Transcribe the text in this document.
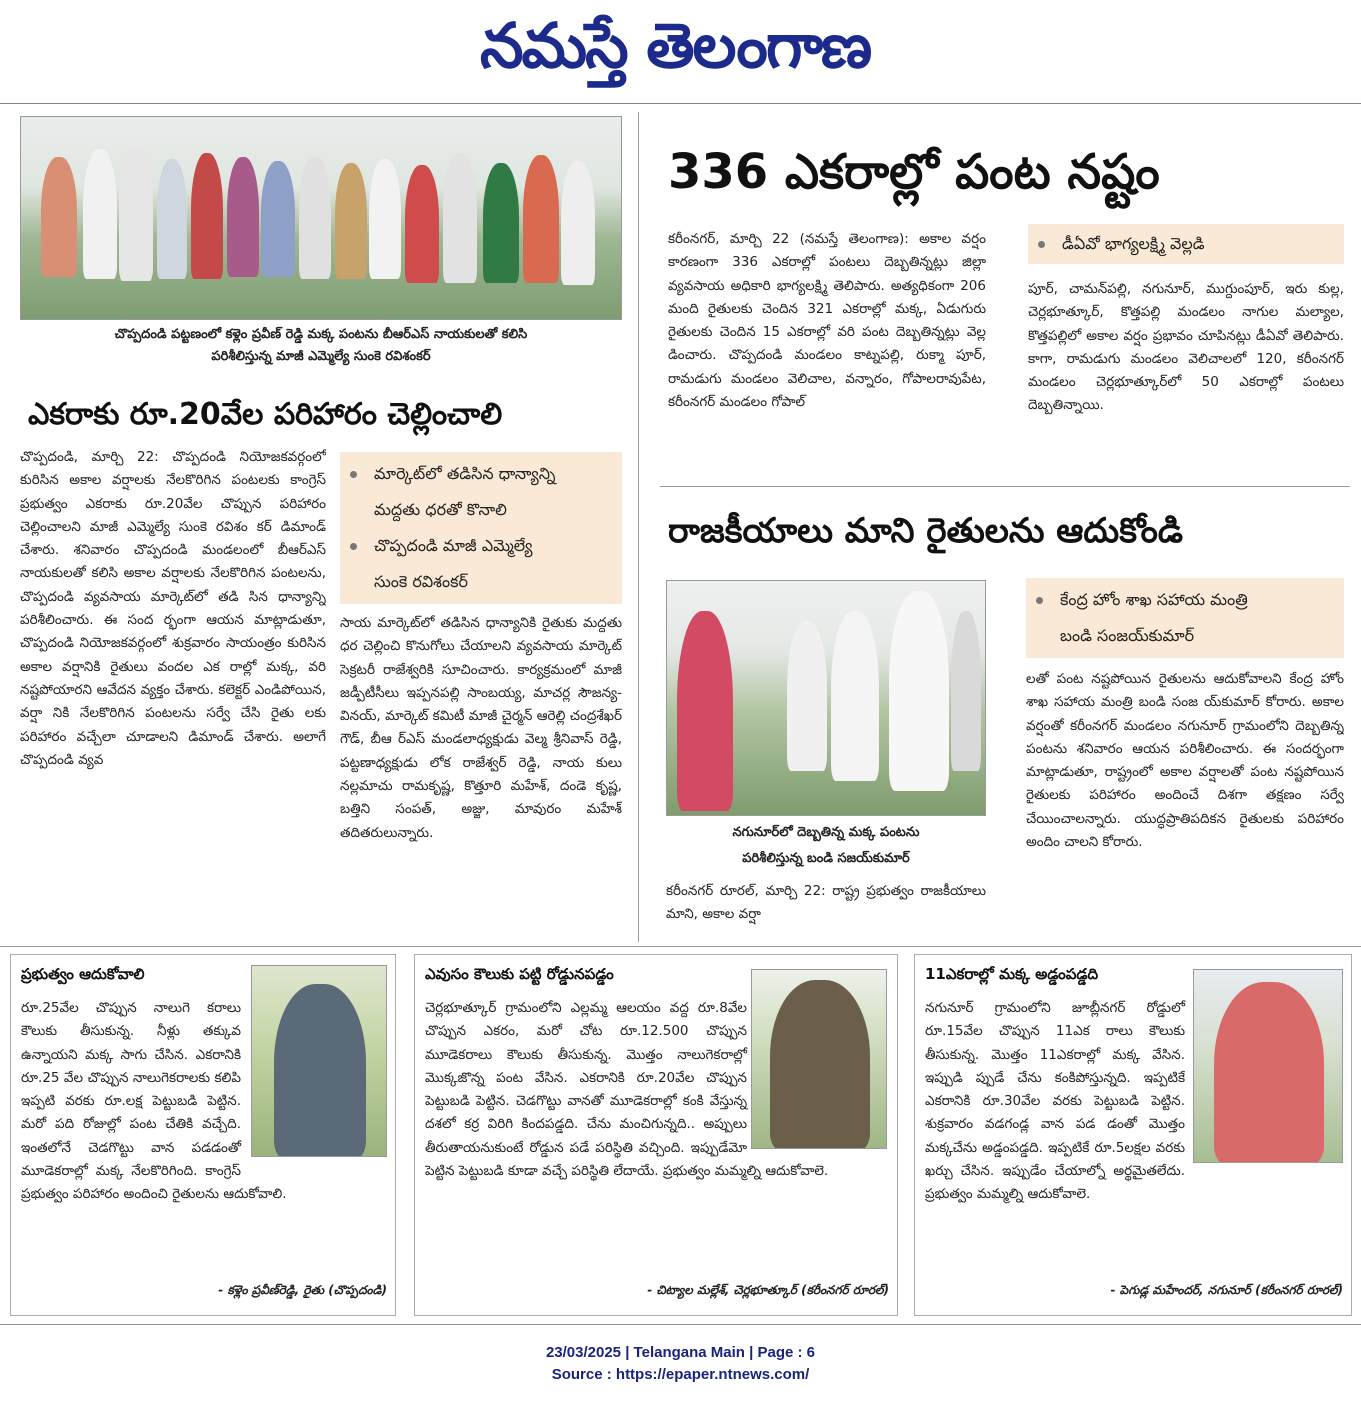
నమస్తే తెలంగాణ
చొప్పదండి పట్టణంలో కళ్లెం ప్రవీణ్ రెడ్డి మక్క పంటను బీఆర్ఎస్ నాయకులతో కలిసి
పరిశీలిస్తున్న మాజీ ఎమ్మెల్యే సుంకె రవిశంకర్
ఎకరాకు రూ.20వేల పరిహారం చెల్లించాలి
చొప్పదండి, మార్చి 22: చొప్పదండి నియోజకవర్గంలో కురిసిన అకాల వర్షాలకు నేలకొరిగిన పంటలకు కాంగ్రెస్ ప్రభుత్వం ఎకరాకు రూ.20వేల చొప్పున పరిహారం చెల్లించాలని మాజీ ఎమ్మెల్యే సుంకె రవిశం కర్ డిమాండ్ చేశారు. శనివారం చొప్పదండి మండలంలో బీఆర్ఎస్ నాయకులతో కలిసి అకాల వర్షాలకు నేలకొరిగిన పంటలను, చొప్పదండి వ్యవసాయ మార్కెట్‌లో తడి సిన ధాన్యాన్ని పరిశీలించారు. ఈ సంద ర్భంగా ఆయన మాట్లాడుతూ, చొప్పదండి నియోజకవర్గంలో శుక్రవారం సాయంత్రం కురిసిన అకాల వర్షానికి రైతులు వందల ఎక రాల్లో మక్క, వరి నష్టపోయారని ఆవేదన వ్యక్తం చేశారు. కలెక్టర్ ఎండిపోయిన, వర్షా నికి నేలకొరిగిన పంటలను సర్వే చేసి రైతు లకు పరిహారం వచ్చేలా చూడాలని డిమాండ్ చేశారు. అలాగే చొప్పదండి వ్యవ
మార్కెట్‌లో తడిసిన ధాన్యాన్ని
మద్దతు ధరతో కొనాలి
చొప్పదండి మాజీ ఎమ్మెల్యే
సుంకె రవిశంకర్
సాయ మార్కెట్‌లో తడిసిన ధాన్యానికి రైతుకు మద్దతు ధర చెల్లించి కొనుగోలు చేయాలని వ్యవసాయ మార్కెట్ సెక్రటరీ రాజేశ్వరికి సూచించారు. కార్యక్రమంలో మాజీ జడ్పీటీసీలు ఇప్పనపల్లి సాంబయ్య, మాచర్ల సౌజన్య- వినయ్, మార్కెట్ కమిటీ మాజీ చైర్మన్ ఆరెల్లి చంద్రశేఖర్ గౌడ్, బీఆ ర్ఎస్ మండలాధ్యక్షుడు వెల్మ శ్రీనివాస్ రెడ్డి, పట్టణాధ్యక్షుడు లోక రాజేశ్వర్ రెడ్డి, నాయ కులు నల్లమాచు రామకృష్ణ, కొత్తూరి మహేశ్, దండె కృష్ణ, బత్తిని సంపత్, అజ్జు, మావురం మహేశ్ తదితరులున్నారు.
336 ఎకరాల్లో పంట నష్టం
కరీంనగర్, మార్చి 22 (నమస్తే తెలంగాణ): అకాల వర్షం కారణంగా 336 ఎకరాల్లో పంటలు దెబ్బతిన్నట్లు జిల్లా వ్యవసాయ అధికారి భాగ్యలక్ష్మి తెలిపారు. అత్యధికంగా 206 మంది రైతులకు చెందిన 321 ఎకరాల్లో మక్క, ఏడుగురు రైతులకు చెందిన 15 ఎకరాల్లో వరి పంట దెబ్బతిన్నట్లు వెల్ల డించారు. చొప్పదండి మండలం కాట్నపల్లి, రుక్మా పూర్, రామడుగు మండలం వెలిచాల, వన్నారం, గోపాలరావుపేట, కరీంనగర్ మండలం గోపాల్
డీఏవో భాగ్యలక్ష్మి వెల్లడి
పూర్, చామన్‌పల్లి, నగునూర్, ముగ్దుంపూర్, ఇరు కుల్ల, చెర్లభూత్కూర్, కొత్తపల్లి మండలం నాగుల మల్యాల, కొత్తపల్లిలో అకాల వర్షం ప్రభావం చూపినట్లు డీఏవో తెలిపారు. కాగా, రామడుగు మండలం వెలిచాలలో 120, కరీంనగర్ మండలం చెర్లభూత్కూర్‌లో 50 ఎకరాల్లో పంటలు దెబ్బతిన్నాయి.
రాజకీయాలు మాని రైతులను ఆదుకోండి
నగునూర్‌లో దెబ్బతిన్న మక్క పంటను
పరిశీలిస్తున్న బండి సజయ్‌కుమార్
కరీంనగర్ రూరల్, మార్చి 22: రాష్ట్ర ప్రభుత్వం రాజకీయాలు మాని, అకాల వర్షా
కేంద్ర హోం శాఖ సహాయ మంత్రి
బండి సంజయ్‌కుమార్
లతో పంట నష్టపోయిన రైతులను ఆదుకోవాలని కేంద్ర హోం శాఖ సహాయ మంత్రి బండి సంజ య్‌కుమార్ కోరారు. అకాల వర్షంతో కరీంనగర్ మండలం నగునూర్ గ్రామంలోని దెబ్బతిన్న పంటను శనివారం ఆయన పరిశీలించారు. ఈ సందర్భంగా మాట్లాడుతూ, రాష్ట్రంలో అకాల వర్షాలతో పంట నష్టపోయిన రైతులకు పరిహారం అందించే దిశగా తక్షణం సర్వే చేయించాలన్నారు. యుద్ధప్రాతిపదికన రైతులకు పరిహారం అందిం చాలని కోరారు.
ప్రభుత్వం ఆదుకోవాలి
రూ.25వేల చొప్పున నాలుగె కరాలు కౌలుకు తీసుకున్న. నీళ్లు తక్కువ ఉన్నాయని మక్క సాగు చేసిన. ఎకరానికి రూ.25 వేల చొప్పున నాలుగెకరాలకు కలిపి ఇప్పటి వరకు రూ.లక్ష పెట్టుబడి పెట్టిన. మరో పది రోజుల్లో పంట చేతికి వచ్చేది. ఇంతలోనే చెడగొట్టు వాన పడడంతో మూడెకరాల్లో మక్క నేలకొరిగింది. కాంగ్రెస్ ప్రభుత్వం పరిహారం అందించి రైతులను ఆదుకోవాలి.
- కళ్లెం ప్రవీణ్‌రెడ్డి, రైతు (చొప్పదండి)
ఎవుసం కౌలుకు పట్టి రోడ్డునపడ్డం
చెర్లభూత్కూర్ గ్రామంలోని ఎల్లమ్మ ఆలయం వద్ద రూ.8వేల చొప్పున ఎకరం, మరో చోట రూ.12.500 చొప్పున మూడెకరాలు కౌలుకు తీసుకున్న. మొత్తం నాలుగెకరాల్లో మొక్కజొన్న పంట వేసిన. ఎకరానికి రూ.20వేల చొప్పున పెట్టుబడి పెట్టిన. చెడగొట్టు వానతో మూడెకరాల్లో కంకి వేస్తున్న దశలో కర్ర విరిగి కిందపడ్డది. చేను మంచిగున్నది.. అప్పులు తీరుతాయనుకుంటే రోడ్డున పడే పరిస్థితి వచ్చింది. ఇప్పుడేమో పెట్టిన పెట్టుబడి కూడా వచ్చే పరిస్థితి లేదాయే. ప్రభుత్వం మమ్మల్ని ఆదుకోవాలె.
- చిట్యాల మల్లేశ్, చెర్లభూత్కూర్ (కరీంనగర్ రూరల్)
11ఎకరాల్లో మక్క అడ్డంపడ్డది
నగునూర్ గ్రామంలోని జూబ్లీనగర్ రోడ్డులో రూ.15వేల చొప్పున 11ఎక రాలు కౌలుకు తీసుకున్న. మొత్తం 11ఎకరాల్లో మక్క వేసిన. ఇప్పుడి ప్పుడే చేను కంకిపోస్తున్నది. ఇప్పటికే ఎకరానికి రూ.30వేల వరకు పెట్టుబడి పెట్టిన. శుక్రవారం వడగండ్ల వాన పడ డంతో మొత్తం మక్కచేను అడ్డంపడ్డది. ఇప్పటికే రూ.5లక్షల వరకు ఖర్చు చేసిన. ఇప్పుడేం చేయాల్నో అర్థమైతలేదు. ప్రభుత్వం మమ్మల్ని ఆదుకోవాలె.
- పెగుడ్ల మహేందర్, నగునూర్ (కరీంనగర్ రూరల్)
23/03/2025 | Telangana Main | Page : 6
Source : https://epaper.ntnews.com/
